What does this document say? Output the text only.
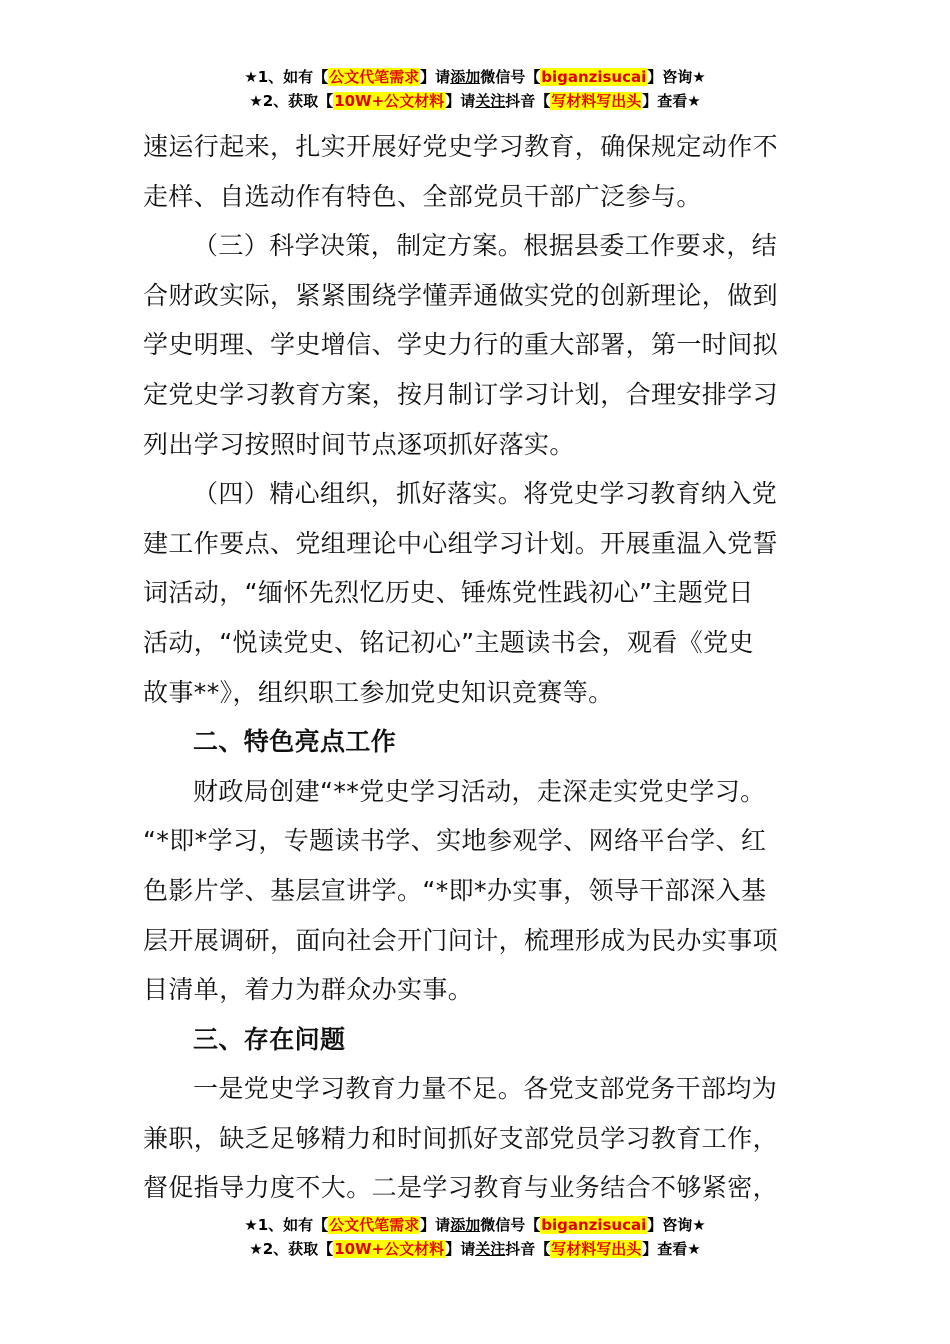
★1、如有【公文代笔需求】请添加微信号【biganzisucai】咨询★
★2、获取【10W+公文材料】请关注抖音【写材料写出头】查看★
速运行起来，扎实开展好党史学习教育，确保规定动作不
走样、自选动作有特色、全部党员干部广泛参与。
（三）科学决策，制定方案。根据县委工作要求，结
合财政实际，紧紧围绕学懂弄通做实党的创新理论，做到
学史明理、学史增信、学史力行的重大部署，第一时间拟
定党史学习教育方案，按月制订学习计划，合理安排学习
列出学习按照时间节点逐项抓好落实。
（四）精心组织，抓好落实。将党史学习教育纳入党
建工作要点、党组理论中心组学习计划。开展重温入党誓
词活动，“缅怀先烈忆历史、锤炼党性践初心”主题党日
活动，“悦读党史、铭记初心”主题读书会，观看《党史
故事**》，组织职工参加党史知识竞赛等。
二、特色亮点工作
财政局创建“**党史学习活动，走深走实党史学习。
“*即*学习，专题读书学、实地参观学、网络平台学、红
色影片学、基层宣讲学。“*即*办实事，领导干部深入基
层开展调研，面向社会开门问计，梳理形成为民办实事项
目清单，着力为群众办实事。
三、存在问题
一是党史学习教育力量不足。各党支部党务干部均为
兼职，缺乏足够精力和时间抓好支部党员学习教育工作，
督促指导力度不大。二是学习教育与业务结合不够紧密，
★1、如有【公文代笔需求】请添加微信号【biganzisucai】咨询★
★2、获取【10W+公文材料】请关注抖音【写材料写出头】查看★
